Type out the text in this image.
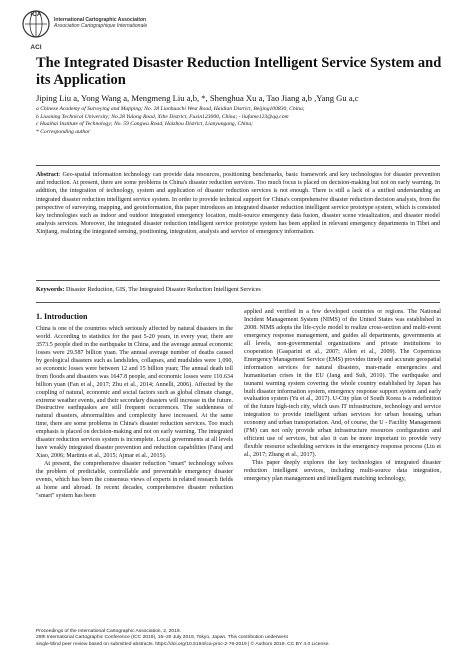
ICA
ACI
International Cartographic Association
Association Cartographique Internationale
The Integrated Disaster Reduction Intelligent Service System and its Application
Jiping Liu a, Yong Wang a, Mengmeng Liu a,b, *, Shenghua Xu a, Tao Jiang a,b ,Yang Gu a,c
a Chinese Academy of Surveying and Mapping; No. 28 Lianhuachi West Road, Haidian District, Beijing100830, China;
b Liaoning Technical University; No.28 Yulong Road, Xihe District, Fuxin123000, China; - liufame123@qq.com
c Huaihai Institute of Technology; No. 59 Cangwu Road, Haizhou District, Lianyungang, China;
* Corresponding author

Abstract: Geo-spatial information technology can provide data resources, positioning benchmarks, basic framework and key technologies for disaster prevention and reduction. At present, there are some problems in China's disaster reduction services. Too much focus is placed on decision-making but not on early warning. In addition, the integration of technology, system and application of disaster reduction services is not enough. There is still a lack of a unified understanding an integrated disaster reduction intelligent service system. In order to provide technical support for China's comprehensive disaster reduction decision analysis, from the perspective of surveying, mapping, and geoinformation, this paper introduces an integrated disaster reduction intelligent service prototype system, which is consisted key technologies such as indoor and outdoor integrated emergency location, multi-source emergency data fusion, disaster scene visualization, and disaster model analysis services. Moreover, the integrated disaster reduction intelligent service prototype system has been applied in relevant emergency departments in Tibet and Xinjiang, realizing the integrated sensing, positioning, integration, analysis and service of emergency information.

Keywords: Disaster Reduction, GIS, The Integrated Disaster Reduction Intelligent Services
1. Introduction

China is one of the countries which seriously affected by natural disasters in the world. According to statistics for the past 5-20 years, in every year, there are 3573.5 people died in the earthquake in China, and the average annual economic losses were 29.587 billion yuan. The annual average number of deaths caused by geological disasters such as landslides, collapses, and mudslides were 1,090, so economic losses were between 12 and 15 billion yuan; The annual death toll from floods and disasters was 1647.8 people, and economic losses were 110.634 billion yuan (Fan et al., 2017; Zhu et al., 2014; Annelli, 2006). Affected by the coupling of natural, economic and social factors such as global climate change, extreme weather events, and their secondary disasters will increase in the future. Destructive earthquakes are still frequent occurrences. The suddenness of natural disasters, abnormalities and complexity have increased. At the same time, there are some problems in China's disaster reduction services. Too much emphasis is placed on decision-making and not on early warning. The integrated disaster reduction services system is incomplete. Local governments at all levels have weakly integrated disaster prevention and reduction capabilities (Faraj and Xiao, 2006; Martinis et al., 2015; Ajmar et al., 2015).

At present, the comprehensive disaster reduction "smart" technology solves the problem of predictable, controllable and preventable emergency disaster events, which has been the consensus views of experts in related research fields at home and abroad. In recent decades, comprehensive disaster reduction "smart" system has been

applied and verified in a few developed countries or regions. The National Incident Management System (NIMS) of the United States was established in 2008. NIMS adopts the life-cycle model to realize cross-section and multi-event emergency response management, and guides all departments, governments at all levels, non-governmental organizations and private institutions to cooperation (Gasparini et al., 2007; Allen et al., 2009). The Copernicus Emergency Management Service (EMS) provides timely and accurate geospatial information services for natural disasters, man-made emergencies and humanitarian crises in the EU (Jang and Suh, 2010). The earthquake and tsunami warning system covering the whole country established by Japan has built disaster information system, emergency response support system and early evaluation system (Yu et al., 2017). U-City plan of South Korea is a redefinition of the future high-tech city, which uses IT infrastructure, technology and service integration to provide intelligent urban services for urban housing, urban economy and urban transportation. And, of course, the U - Facility Management (FM) can not only provide urban infrastructure resources configuration and efficient use of services, but also it can be more important to provide very flexible resource scheduling services in the emergency response process (Liu et al., 2017; Zhang et al., 2017).

This paper deeply explores the key technologies of integrated disaster reduction intelligent services, including multi-source data integration, emergency plan management and intelligent matching technology,

Proceedings of the International Cartographic Association, 2, 2019.
29th International Cartographic Conference (ICC 2019), 15–20 July 2019, Tokyo, Japan. This contribution underwent
single-blind peer review based on submitted abstracts. https://doi.org/10.5194/ica-proc-2-76-2019 | © Authors 2019. CC BY 4.0 License.
